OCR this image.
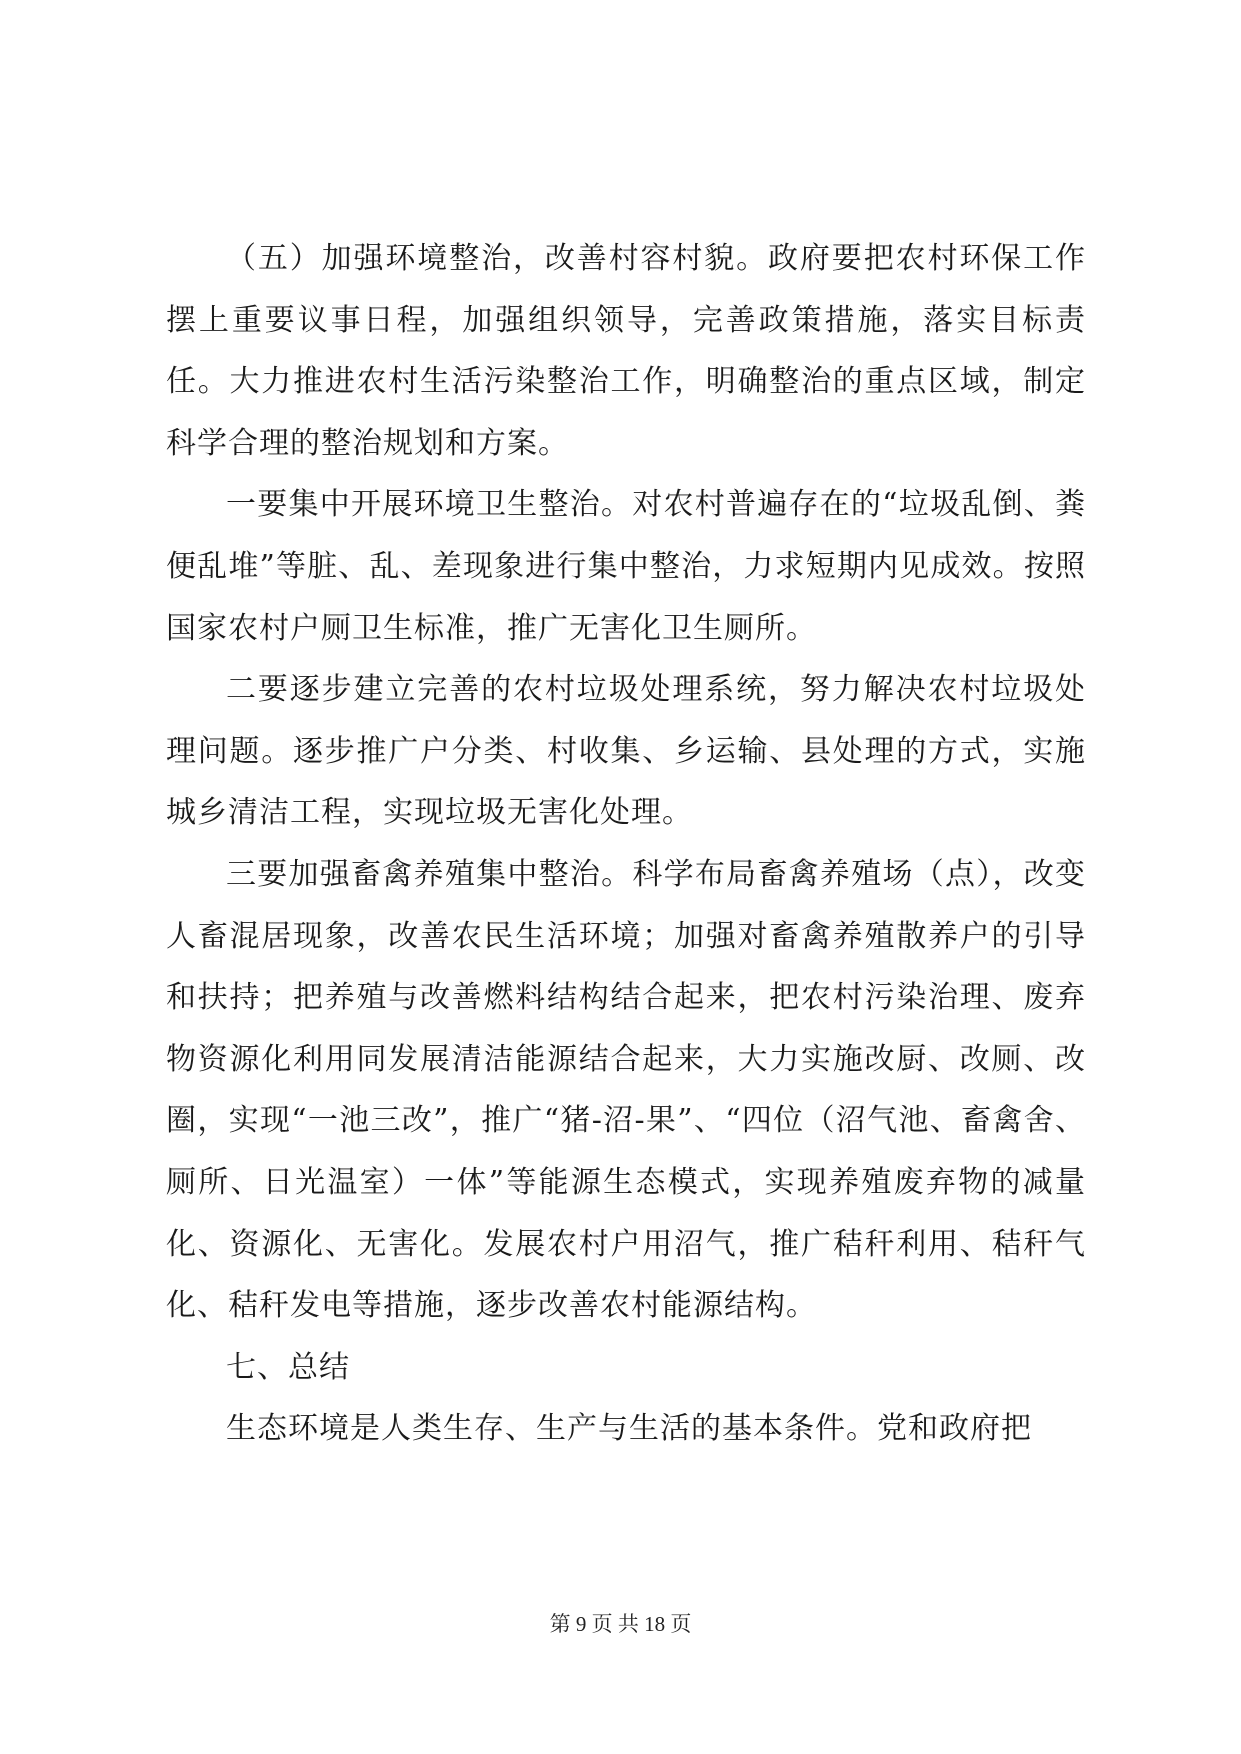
（五）加强环境整治，改善村容村貌。政府要把农村环保工作摆上重要议事日程，加强组织领导，完善政策措施，落实目标责任。大力推进农村生活污染整治工作，明确整治的重点区域，制定科学合理的整治规划和方案。

一要集中开展环境卫生整治。对农村普遍存在的“垃圾乱倒、粪便乱堆”等脏、乱、差现象进行集中整治，力求短期内见成效。按照国家农村户厕卫生标准，推广无害化卫生厕所。

二要逐步建立完善的农村垃圾处理系统，努力解决农村垃圾处理问题。逐步推广户分类、村收集、乡运输、县处理的方式，实施城乡清洁工程，实现垃圾无害化处理。

三要加强畜禽养殖集中整治。科学布局畜禽养殖场（点），改变人畜混居现象，改善农民生活环境；加强对畜禽养殖散养户的引导和扶持；把养殖与改善燃料结构结合起来，把农村污染治理、废弃物资源化利用同发展清洁能源结合起来，大力实施改厨、改厕、改圈，实现“一池三改”，推广“猪-沼-果”、“四位（沼气池、畜禽舍、厕所、日光温室）一体”等能源生态模式，实现养殖废弃物的减量化、资源化、无害化。发展农村户用沼气，推广秸秆利用、秸秆气化、秸秆发电等措施，逐步改善农村能源结构。

七、总结

生态环境是人类生存、生产与生活的基本条件。党和政府把

第 9 页 共 18 页
